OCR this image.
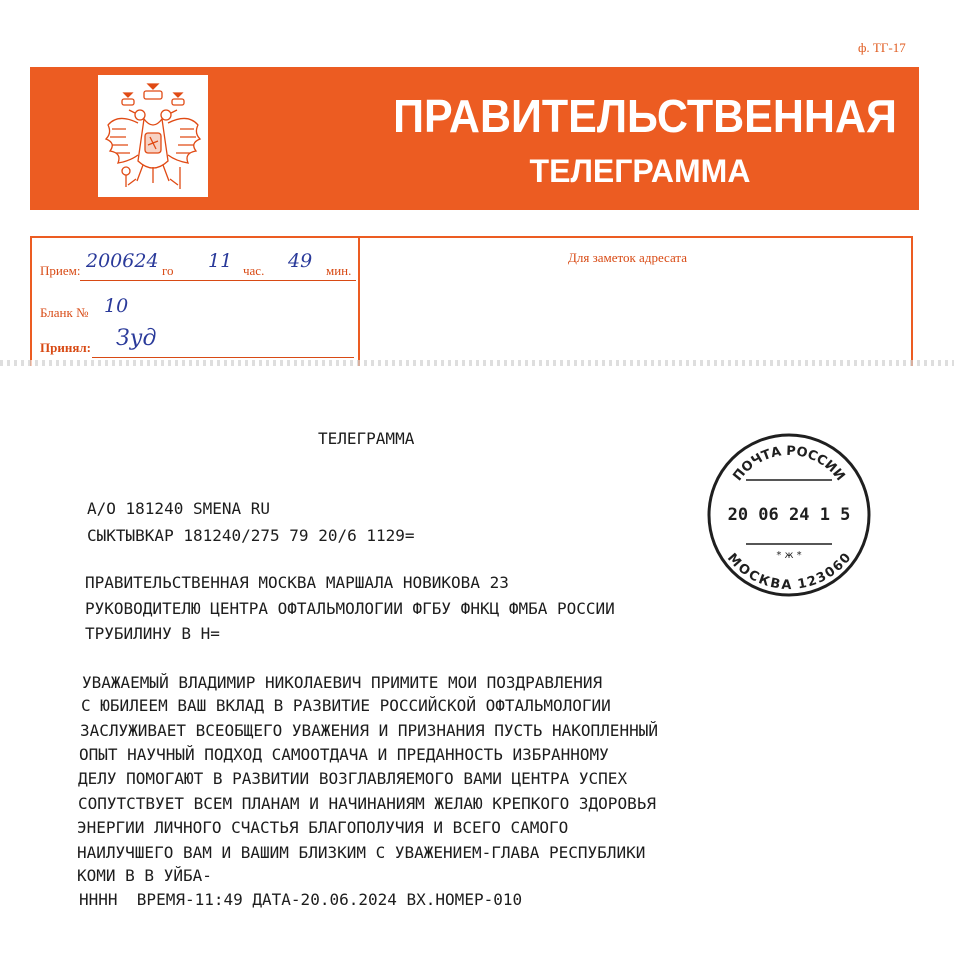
ф. ТГ-17
ПРАВИТЕЛЬСТВЕННАЯ
ТЕЛЕГРАММА
Прием: 200624 го 11 час. 49 мин.
Бланк № 10
Принял: Зуд
Для заметок адресата
ТЕЛЕГРАММА
А/О 181240 SMENA RU
СЫКТЫВКАР 181240/275 79 20/6 1129=
ПРАВИТЕЛЬСТВЕННАЯ МОСКВА МАРШАЛА НОВИКОВА 23
РУКОВОДИТЕЛЮ ЦЕНТРА ОФТАЛЬМОЛОГИИ ФГБУ ФНКЦ ФМБА РОССИИ
ТРУБИЛИНУ В Н=
УВАЖАЕМЫЙ ВЛАДИМИР НИКОЛАЕВИЧ ПРИМИТЕ МОИ ПОЗДРАВЛЕНИЯ
С ЮБИЛЕЕМ ВАШ ВКЛАД В РАЗВИТИЕ РОССИЙСКОЙ ОФТАЛЬМОЛОГИИ
ЗАСЛУЖИВАЕТ ВСЕОБЩЕГО УВАЖЕНИЯ И ПРИЗНАНИЯ ПУСТЬ НАКОПЛЕННЫЙ
ОПЫТ НАУЧНЫЙ ПОДХОД САМООТДАЧА И ПРЕДАННОСТЬ ИЗБРАННОМУ
ДЕЛУ ПОМОГАЮТ В РАЗВИТИИ ВОЗГЛАВЛЯЕМОГО ВАМИ ЦЕНТРА УСПЕХ
СОПУТСТВУЕТ ВСЕМ ПЛАНАМ И НАЧИНАНИЯМ ЖЕЛАЮ КРЕПКОГО ЗДОРОВЬЯ
ЭНЕРГИИ ЛИЧНОГО СЧАСТЬЯ БЛАГОПОЛУЧИЯ И ВСЕГО САМОГО
НАИЛУЧШЕГО ВАМ И ВАШИМ БЛИЗКИМ С УВАЖЕНИЕМ-ГЛАВА РЕСПУБЛИКИ
КОМИ В В УЙБА-
НННН  ВРЕМЯ-11:49 ДАТА-20.06.2024 ВХ.НОМЕР-010
ПОЧТА РОССИИ
МОСКВА 123060
20 06 24 1 5
* ж *
